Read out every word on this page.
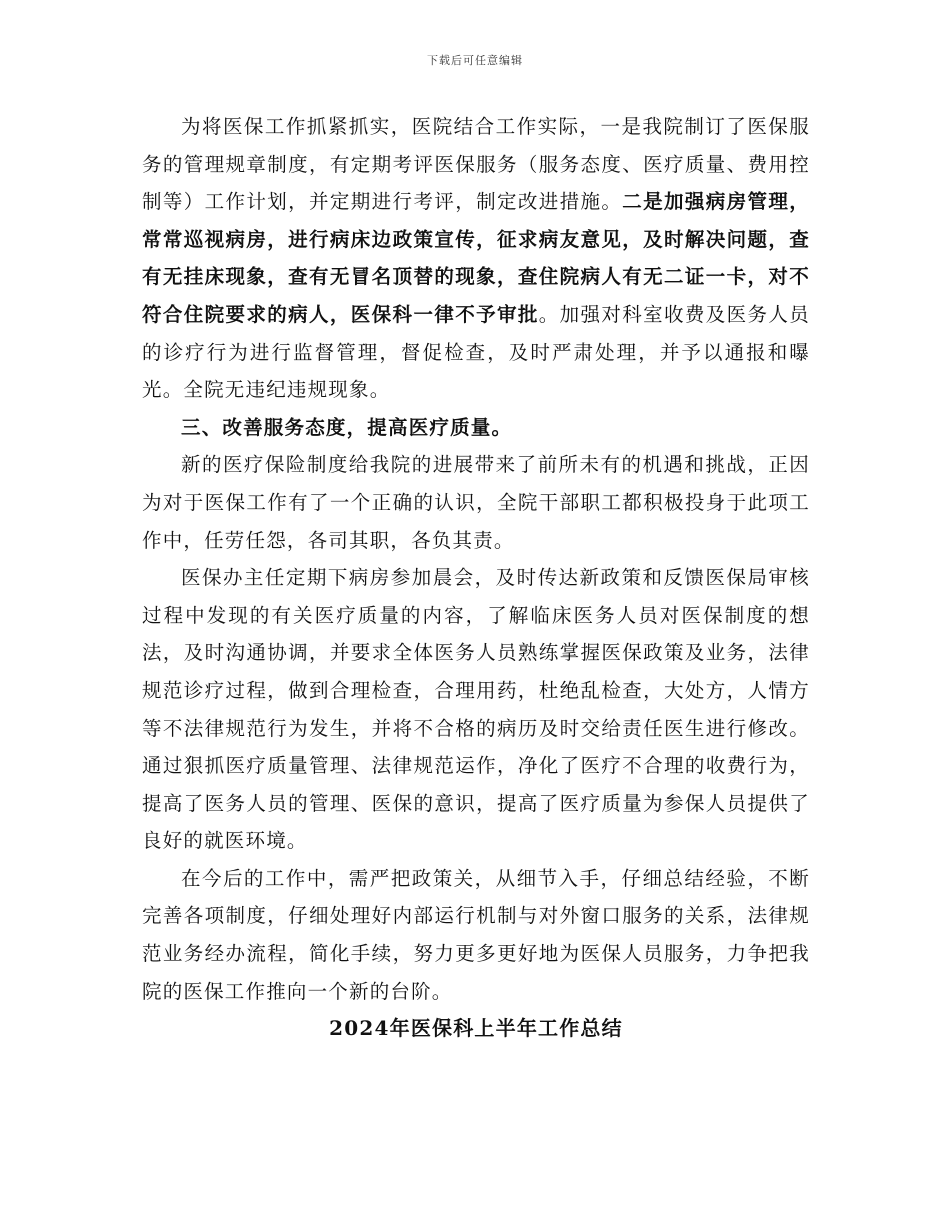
下载后可任意编辑

为将医保工作抓紧抓实，医院结合工作实际，一是我院制订了医保服务的管理规章制度，有定期考评医保服务（服务态度、医疗质量、费用控制等）工作计划，并定期进行考评，制定改进措施。二是加强病房管理，常常巡视病房，进行病床边政策宣传，征求病友意见，及时解决问题，查有无挂床现象，查有无冒名顶替的现象，查住院病人有无二证一卡，对不符合住院要求的病人，医保科一律不予审批。加强对科室收费及医务人员的诊疗行为进行监督管理，督促检查，及时严肃处理，并予以通报和曝光。全院无违纪违规现象。

三、改善服务态度，提高医疗质量。

新的医疗保险制度给我院的进展带来了前所未有的机遇和挑战，正因为对于医保工作有了一个正确的认识，全院干部职工都积极投身于此项工作中，任劳任怨，各司其职，各负其责。

医保办主任定期下病房参加晨会，及时传达新政策和反馈医保局审核过程中发现的有关医疗质量的内容，了解临床医务人员对医保制度的想法，及时沟通协调，并要求全体医务人员熟练掌握医保政策及业务，法律规范诊疗过程，做到合理检查，合理用药，杜绝乱检查，大处方，人情方等不法律规范行为发生，并将不合格的病历及时交给责任医生进行修改。通过狠抓医疗质量管理、法律规范运作，净化了医疗不合理的收费行为，提高了医务人员的管理、医保的意识，提高了医疗质量为参保人员提供了良好的就医环境。

在今后的工作中，需严把政策关，从细节入手，仔细总结经验，不断完善各项制度，仔细处理好内部运行机制与对外窗口服务的关系，法律规范业务经办流程，简化手续，努力更多更好地为医保人员服务，力争把我院的医保工作推向一个新的台阶。

2024年医保科上半年工作总结
